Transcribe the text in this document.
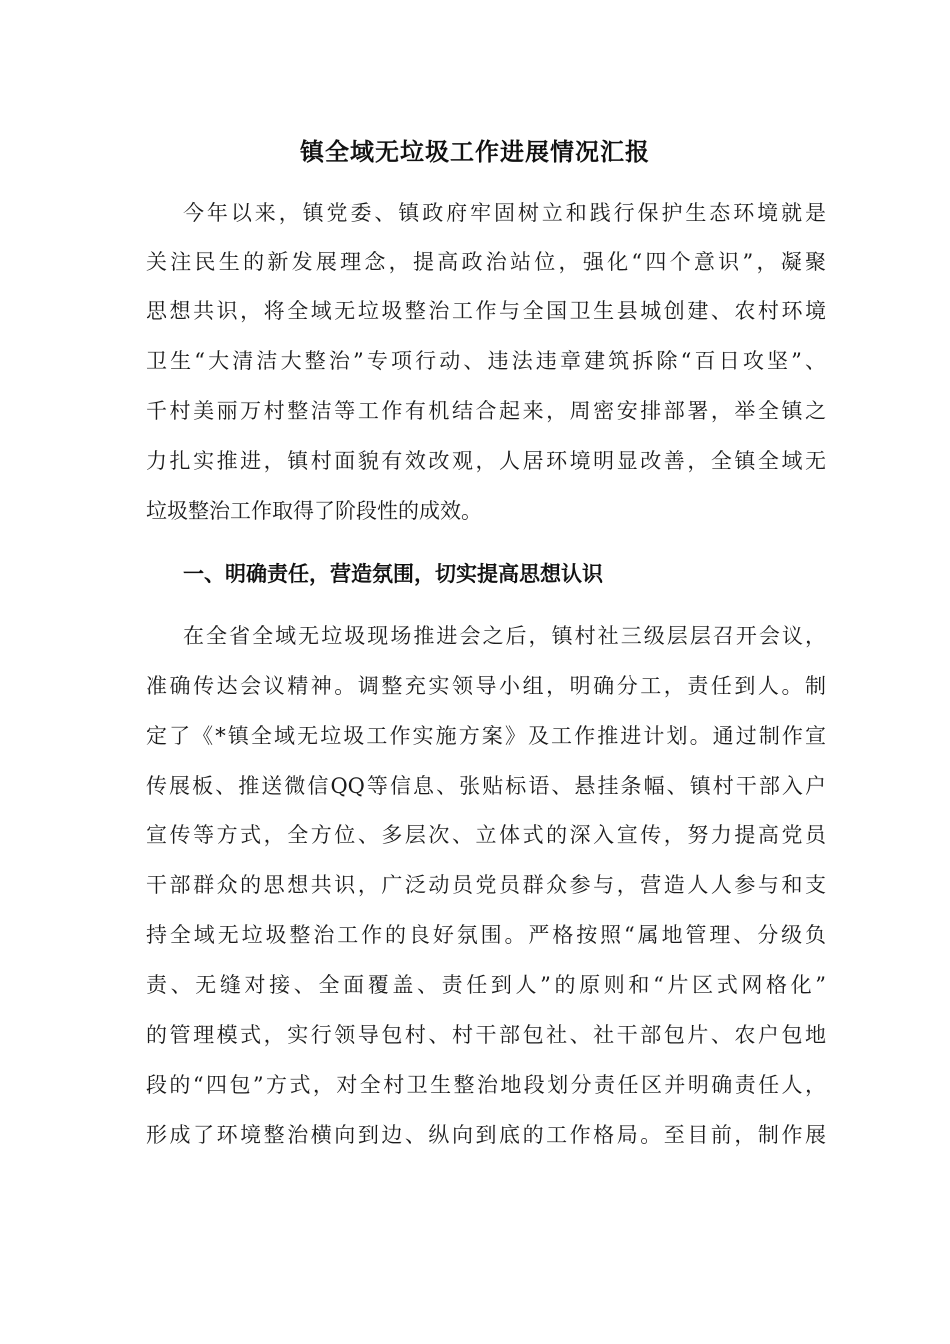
镇全域无垃圾工作进展情况汇报
今年以来，镇党委、镇政府牢固树立和践行保护生态环境就是
关注民生的新发展理念，提高政治站位，强化“四个意识”，凝聚
思想共识，将全域无垃圾整治工作与全国卫生县城创建、农村环境
卫生“大清洁大整治”专项行动、违法违章建筑拆除“百日攻坚”、
千村美丽万村整洁等工作有机结合起来，周密安排部署，举全镇之
力扎实推进，镇村面貌有效改观，人居环境明显改善，全镇全域无
垃圾整治工作取得了阶段性的成效。
一、明确责任，营造氛围，切实提高思想认识
在全省全域无垃圾现场推进会之后，镇村社三级层层召开会议，
准确传达会议精神。调整充实领导小组，明确分工，责任到人。制
定了《*镇全域无垃圾工作实施方案》及工作推进计划。通过制作宣
传展板、推送微信QQ等信息、张贴标语、悬挂条幅、镇村干部入户
宣传等方式，全方位、多层次、立体式的深入宣传，努力提高党员
干部群众的思想共识，广泛动员党员群众参与，营造人人参与和支
持全域无垃圾整治工作的良好氛围。严格按照“属地管理、分级负
责、无缝对接、全面覆盖、责任到人”的原则和“片区式网格化”
的管理模式，实行领导包村、村干部包社、社干部包片、农户包地
段的“四包”方式，对全村卫生整治地段划分责任区并明确责任人，
形成了环境整治横向到边、纵向到底的工作格局。至目前，制作展
